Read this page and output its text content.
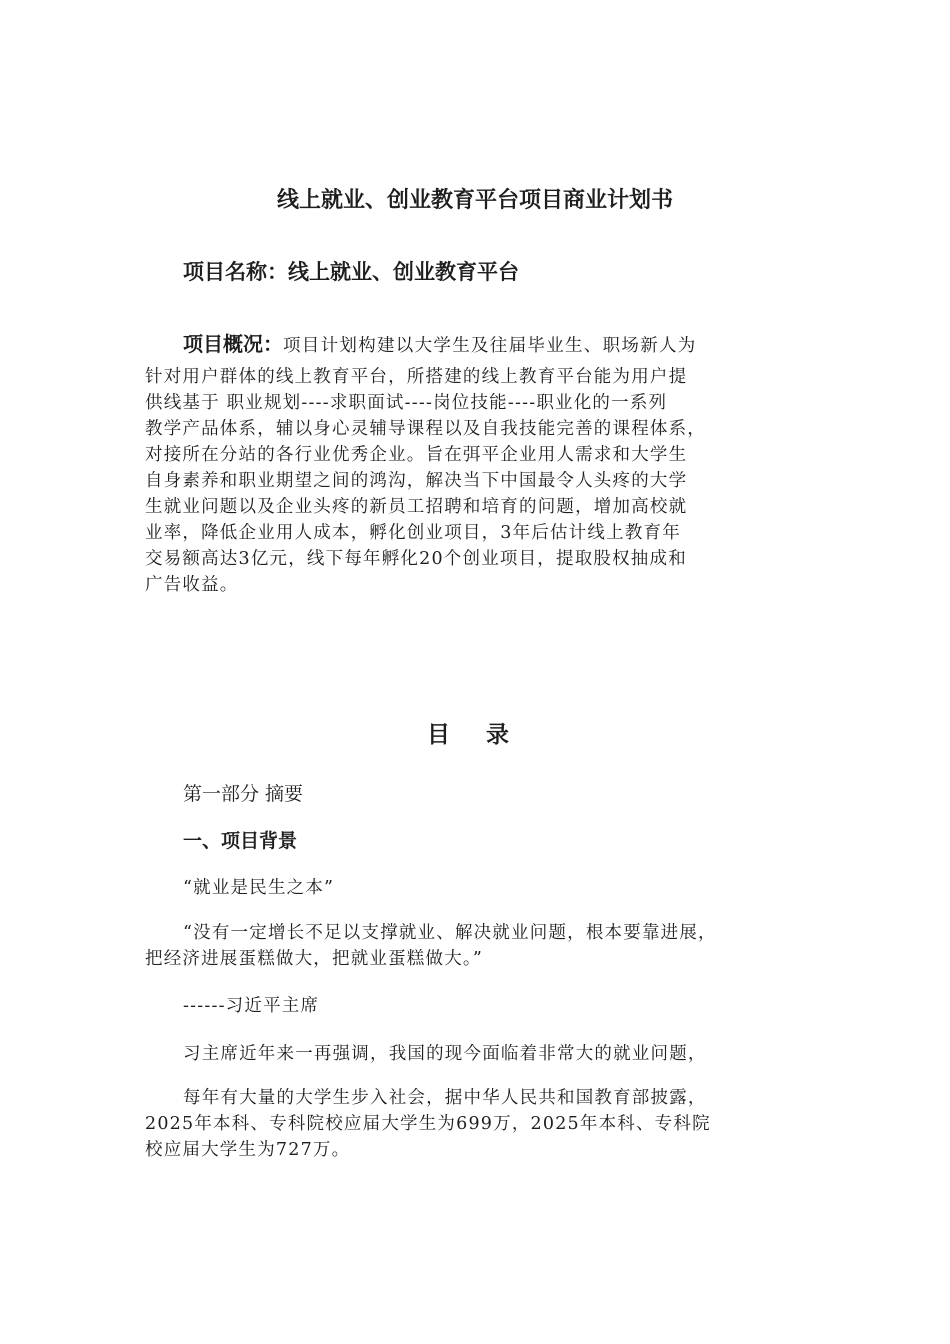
线上就业、创业教育平台项目商业计划书
项目名称：线上就业、创业教育平台
项目概况：项目计划构建以大学生及往届毕业生、职场新人为
针对用户群体的线上教育平台，所搭建的线上教育平台能为用户提
供线基于 职业规划----求职面试----岗位技能----职业化的一系列
教学产品体系，辅以身心灵辅导课程以及自我技能完善的课程体系，
对接所在分站的各行业优秀企业。旨在弭平企业用人需求和大学生
自身素养和职业期望之间的鸿沟，解决当下中国最令人头疼的大学
生就业问题以及企业头疼的新员工招聘和培育的问题，增加高校就
业率，降低企业用人成本，孵化创业项目，3年后估计线上教育年
交易额高达3亿元，线下每年孵化20个创业项目，提取股权抽成和
广告收益。
目 录
第一部分 摘要
一、项目背景
“就业是民生之本”
“没有一定增长不足以支撑就业、解决就业问题，根本要靠进展，
把经济进展蛋糕做大，把就业蛋糕做大。”
------习近平主席
习主席近年来一再强调，我国的现今面临着非常大的就业问题，
每年有大量的大学生步入社会，据中华人民共和国教育部披露，
2025年本科、专科院校应届大学生为699万，2025年本科、专科院
校应届大学生为727万。
